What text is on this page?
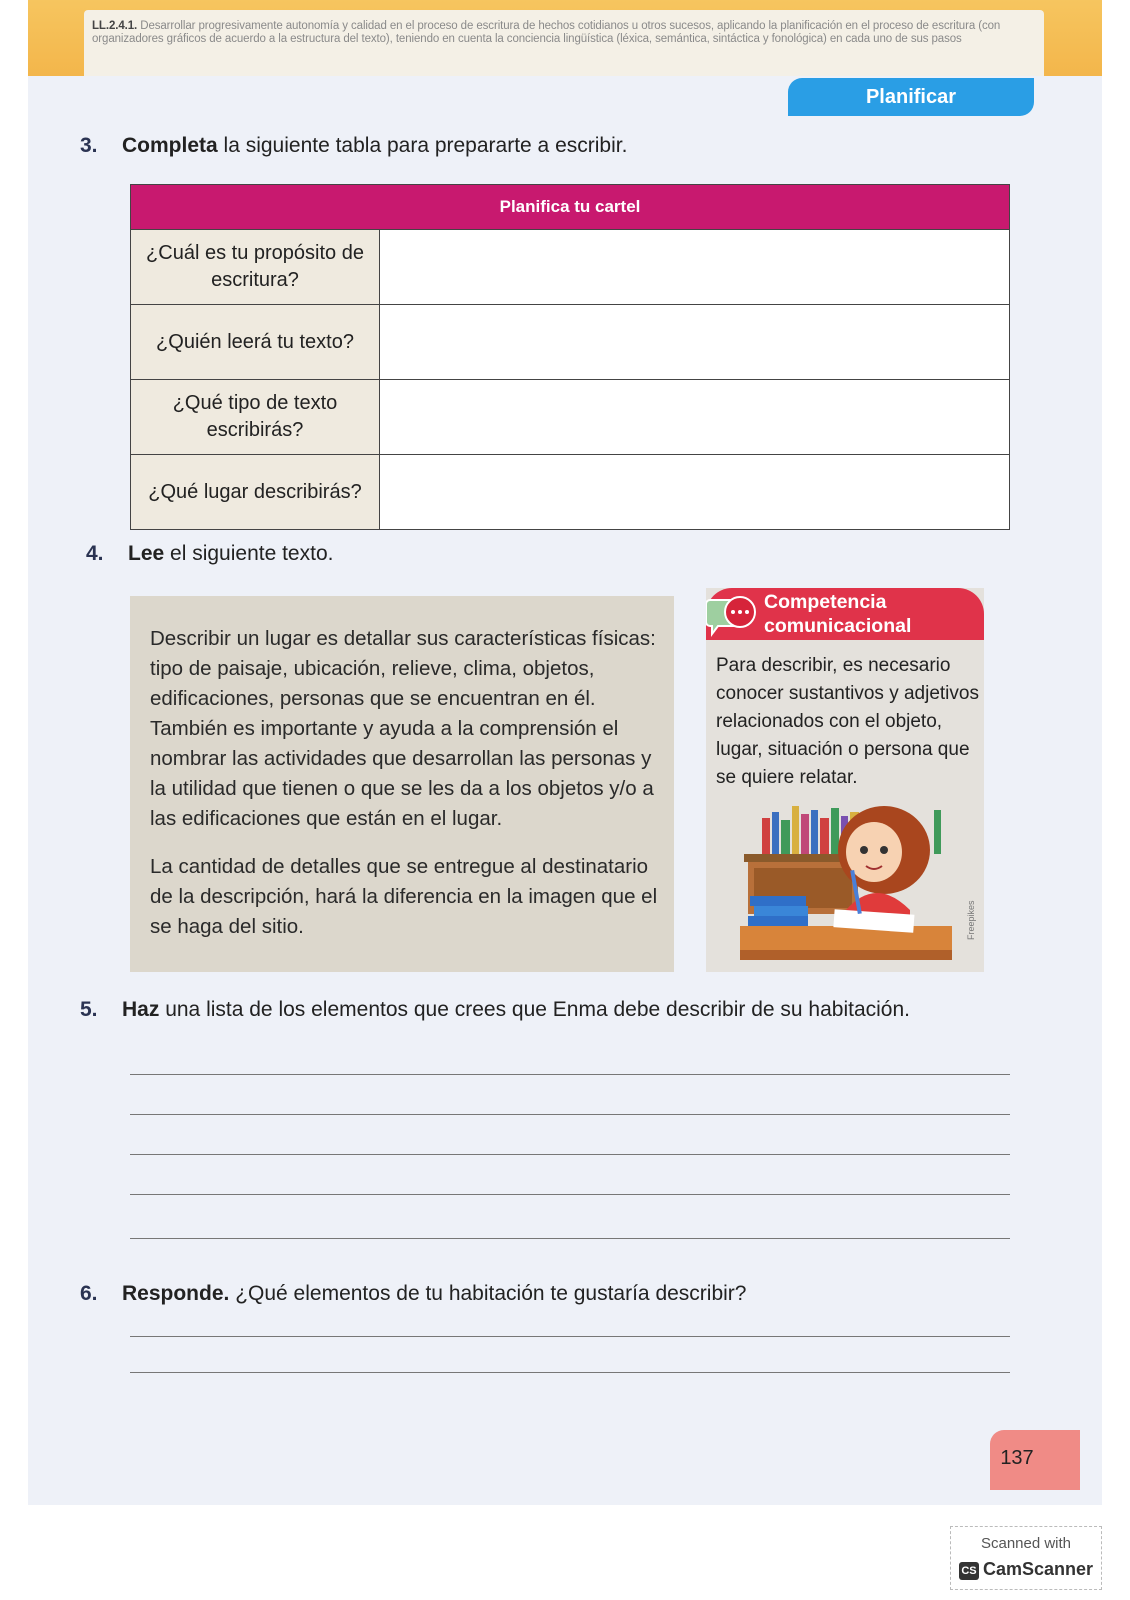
LL.2.4.1. Desarrollar progresivamente autonomía y calidad en el proceso de escritura de hechos cotidianos u otros sucesos, aplicando la planificación en el proceso de escritura (con organizadores gráficos de acuerdo a la estructura del texto), teniendo en cuenta la conciencia lingüística (léxica, semántica, sintáctica y fonológica) en cada uno de sus pasos
Planificar
3. Completa la siguiente tabla para prepararte a escribir.
Planifica tu cartel	
¿Cuál es tu propósito de escritura?	
¿Quién leerá tu texto?	
¿Qué tipo de texto escribirás?	
¿Qué lugar describirás?	
4. Lee el siguiente texto.

Describir un lugar es detallar sus características físicas: tipo de paisaje, ubicación, relieve, clima, objetos, edificaciones, personas que se encuentran en él. También es importante y ayuda a la comprensión el nombrar las actividades que desarrollan las personas y la utilidad que tienen o que se les da a los objetos y/o a las edificaciones que están en el lugar.

La cantidad de detalles que se entregue al destinatario de la descripción, hará la diferencia en la imagen que el se haga del sitio.

Competencia
comunicacional
Para describir, es necesario conocer sustantivos y adjetivos relacionados con el objeto, lugar, situación o persona que se quiere relatar.
Freepikes
5. Haz una lista de los elementos que crees que Enma debe describir de su habitación.
6. Responde. ¿Qué elementos de tu habitación te gustaría describir?
137
Scanned with
CS CamScanner
